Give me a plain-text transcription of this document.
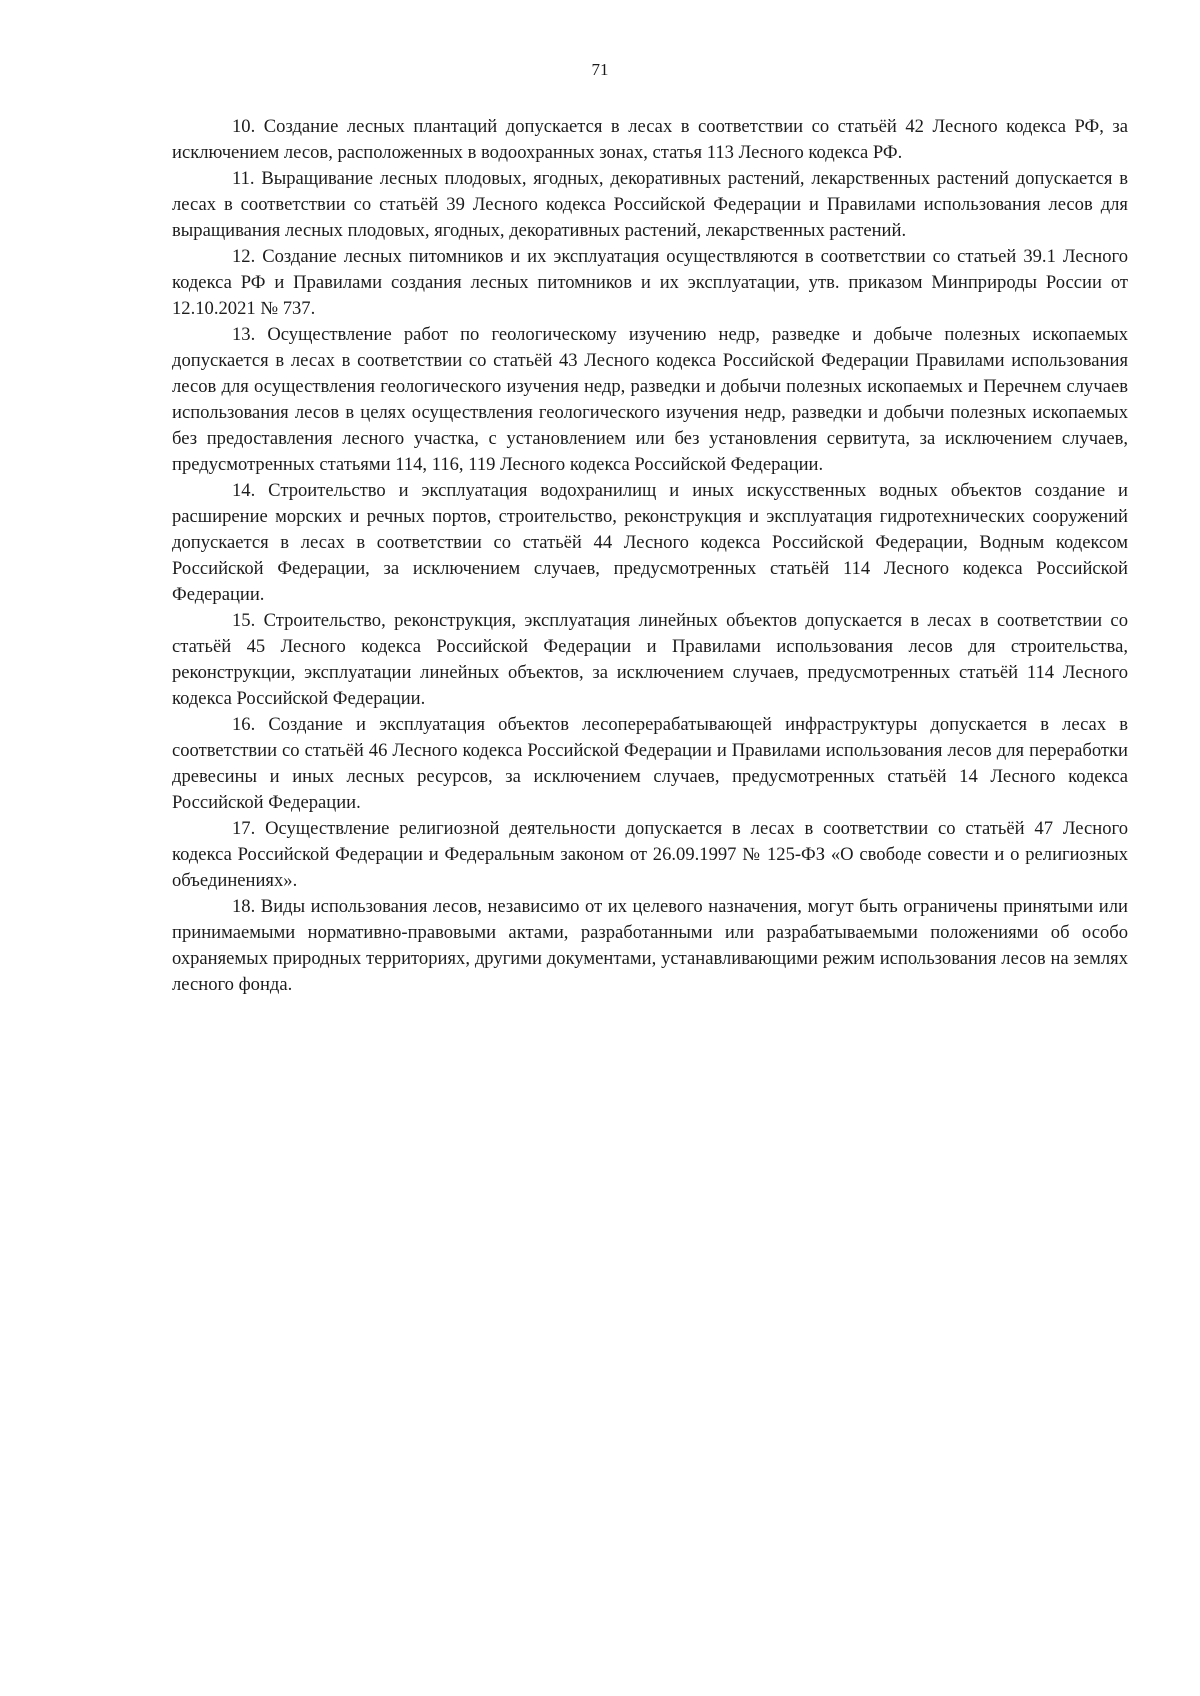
71

10. Создание лесных плантаций допускается в лесах в соответствии со статьёй 42 Лесного кодекса РФ, за исключением лесов, расположенных в водоохранных зонах, статья 113 Лесного кодекса РФ.

11. Выращивание лесных плодовых, ягодных, декоративных растений, лекарственных растений допускается в лесах в соответствии со статьёй 39 Лесного кодекса Российской Федерации и Правилами использования лесов для выращивания лесных плодовых, ягодных, декоративных растений, лекарственных растений.

12. Создание лесных питомников и их эксплуатация осуществляются в соответствии со статьей 39.1 Лесного кодекса РФ и Правилами создания лесных питомников и их эксплуатации, утв. приказом Минприроды России от 12.10.2021 № 737.

13. Осуществление работ по геологическому изучению недр, разведке и добыче полезных ископаемых допускается в лесах в соответствии со статьёй 43 Лесного кодекса Российской Федерации Правилами использования лесов для осуществления геологического изучения недр, разведки и добычи полезных ископаемых и Перечнем случаев использования лесов в целях осуществления геологического изучения недр, разведки и добычи полезных ископаемых без предоставления лесного участка, с установлением или без установления сервитута, за исключением случаев, предусмотренных статьями 114, 116, 119 Лесного кодекса Российской Федерации.

14. Строительство и эксплуатация водохранилищ и иных искусственных водных объектов создание и расширение морских и речных портов, строительство, реконструкция и эксплуатация гидротехнических сооружений допускается в лесах в соответствии со статьёй 44 Лесного кодекса Российской Федерации, Водным кодексом Российской Федерации, за исключением случаев, предусмотренных статьёй 114 Лесного кодекса Российской Федерации.

15. Строительство, реконструкция, эксплуатация линейных объектов допускается в лесах в соответствии со статьёй 45 Лесного кодекса Российской Федерации и Правилами использования лесов для строительства, реконструкции, эксплуатации линейных объектов, за исключением случаев, предусмотренных статьёй 114 Лесного кодекса Российской Федерации.

16. Создание и эксплуатация объектов лесоперерабатывающей инфраструктуры допускается в лесах в соответствии со статьёй 46 Лесного кодекса Российской Федерации и Правилами использования лесов для переработки древесины и иных лесных ресурсов, за исключением случаев, предусмотренных статьёй 14 Лесного кодекса Российской Федерации.

17. Осуществление религиозной деятельности допускается в лесах в соответствии со статьёй 47 Лесного кодекса Российской Федерации и Федеральным законом от 26.09.1997 № 125-ФЗ «О свободе совести и о религиозных объединениях».

18. Виды использования лесов, независимо от их целевого назначения, могут быть ограничены принятыми или принимаемыми нормативно-правовыми актами, разработанными или разрабатываемыми положениями об особо охраняемых природных территориях, другими документами, устанавливающими режим использования лесов на землях лесного фонда.
